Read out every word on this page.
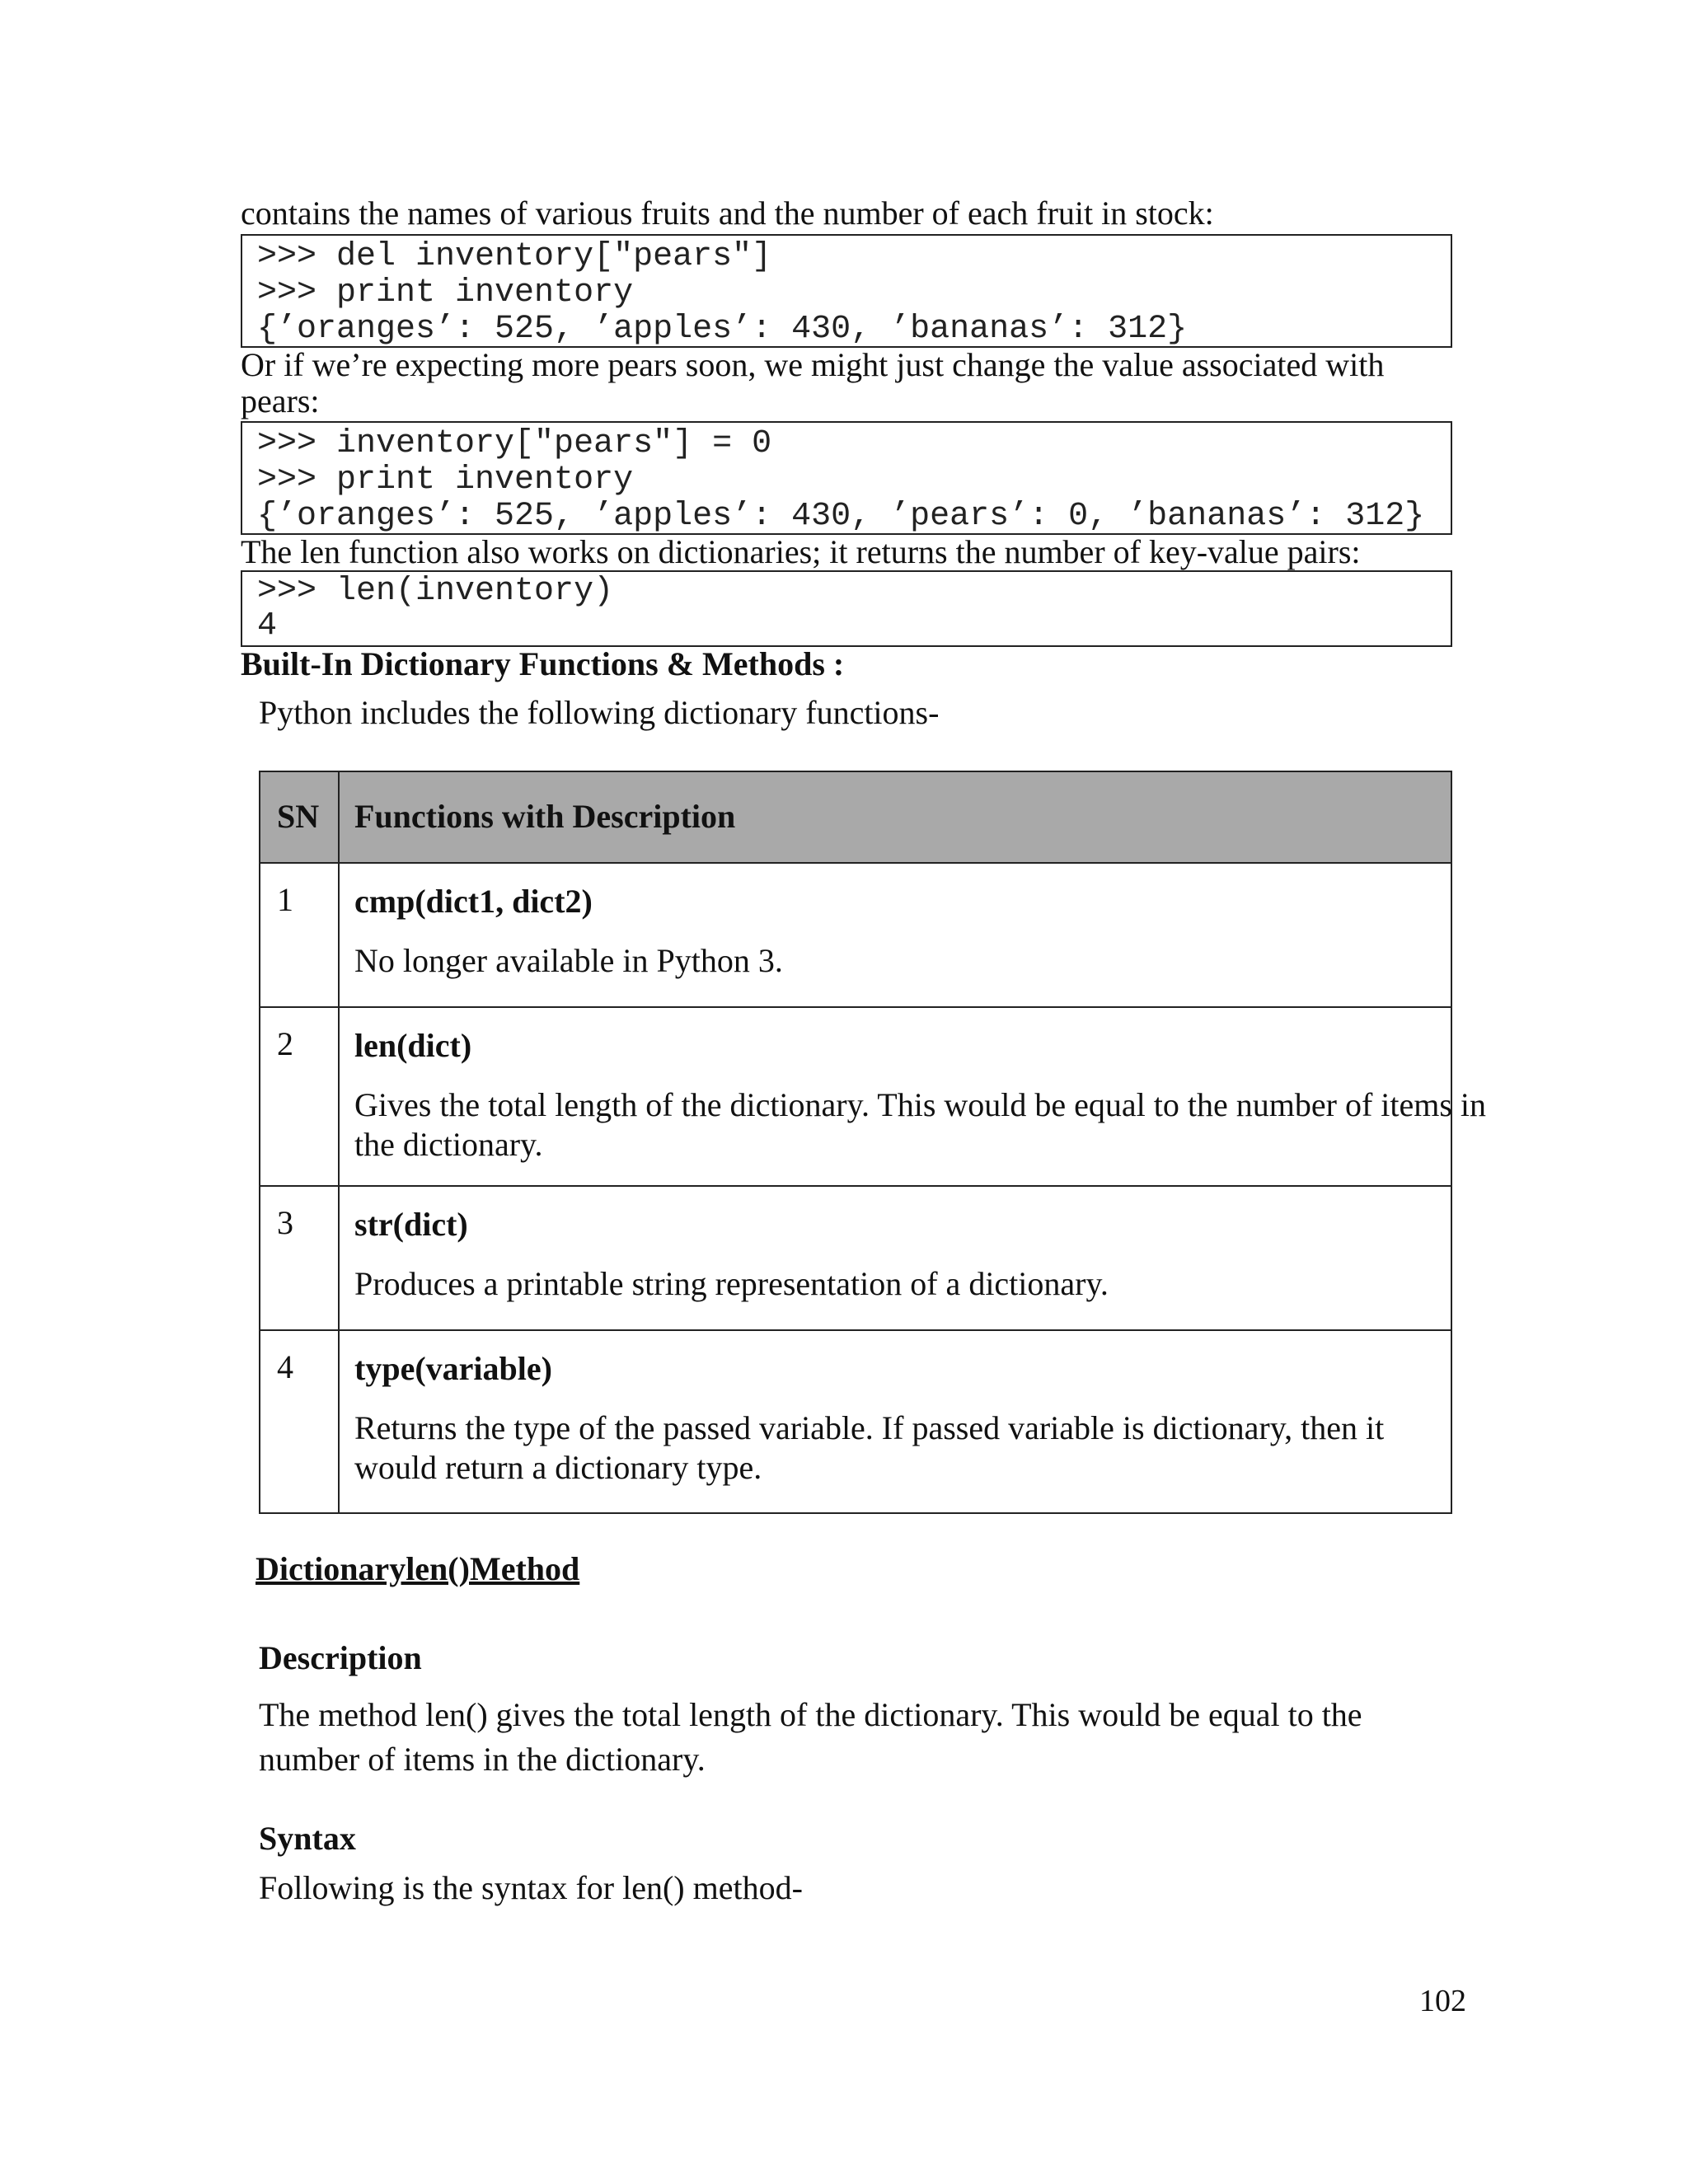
contains the names of various fruits and the number of each fruit in stock:
>>> del inventory["pears"]
>>> print inventory
{’oranges’: 525, ’apples’: 430, ’bananas’: 312}
Or if we’re expecting more pears soon, we might just change the value associated with
pears:
>>> inventory["pears"] = 0
>>> print inventory
{’oranges’: 525, ’apples’: 430, ’pears’: 0, ’bananas’: 312}
The len function also works on dictionaries; it returns the number of key-value pairs:
>>> len(inventory)
4
Built-In Dictionary Functions & Methods :
Python includes the following dictionary functions-
SN Functions with Description
1 cmp(dict1, dict2)
No longer available in Python 3.
2 len(dict)
Gives the total length of the dictionary. This would be equal to the number of items in
the dictionary.
3 str(dict)
Produces a printable string representation of a dictionary.
4 type(variable)
Returns the type of the passed variable. If passed variable is dictionary, then it
would return a dictionary type.
Dictionarylen()Method
Description
The method len() gives the total length of the dictionary. This would be equal to the
number of items in the dictionary.
Syntax
Following is the syntax for len() method-
102
